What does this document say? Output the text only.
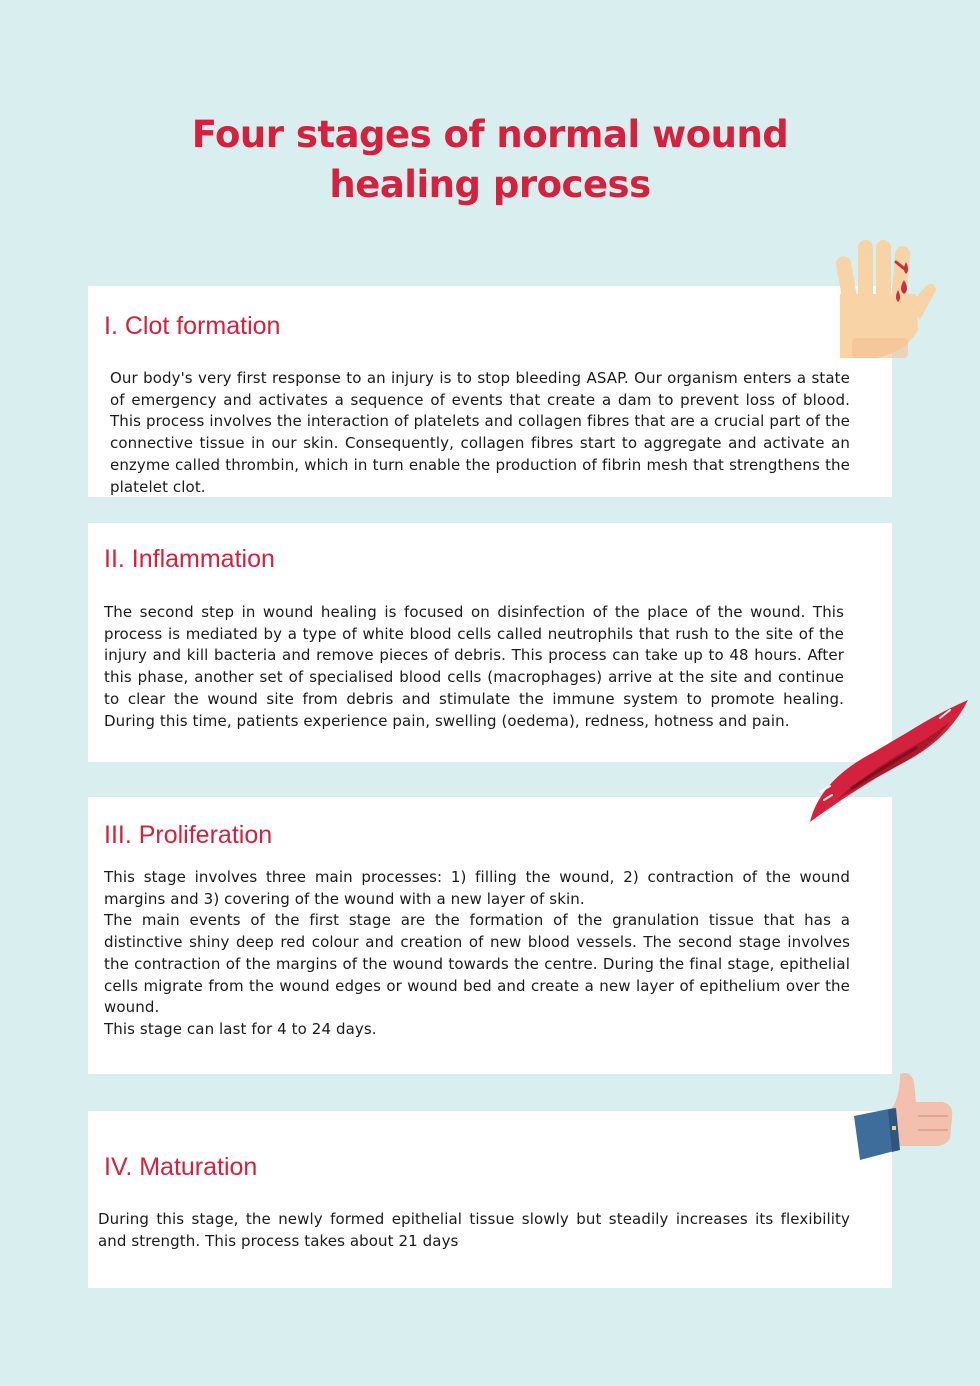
Four stages of normal wound
healing process
I. Clot formation

Our body's very first response to an injury is to stop bleeding ASAP. Our organism enters a state of emergency and activates a sequence of events that create a dam to prevent loss of blood. This process involves the interaction of platelets and collagen fibres that are a crucial part of the connective tissue in our skin. Consequently, collagen fibres start to aggregate and activate an enzyme called thrombin, which in turn enable the production of fibrin mesh that strengthens the platelet clot.

II. Inflammation

The second step in wound healing is focused on disinfection of the place of the wound. This process is mediated by a type of white blood cells called neutrophils that rush to the site of the injury and kill bacteria and remove pieces of debris. This process can take up to 48 hours. After this phase, another set of specialised blood cells (macrophages) arrive at the site and continue to clear the wound site from debris and stimulate the immune system to promote healing. During this time, patients experience pain, swelling (oedema), redness, hotness and pain.

III. Proliferation

This stage involves three main processes: 1) filling the wound, 2) contraction of the wound margins and 3) covering of the wound with a new layer of skin.
The main events of the first stage are the formation of the granulation tissue that has a distinctive shiny deep red colour and creation of new blood vessels. The second stage involves the contraction of the margins of the wound towards the centre. During the final stage, epithelial cells migrate from the wound edges or wound bed and create a new layer of epithelium over the wound.
This stage can last for 4 to 24 days.

IV. Maturation

During this stage, the newly formed epithelial tissue slowly but steadily increases its flexibility and strength. This process takes about 21 days
